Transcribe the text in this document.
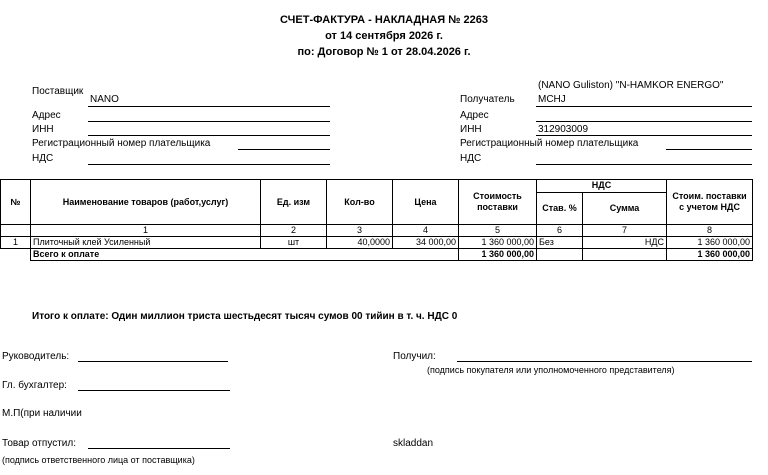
СЧЕТ-ФАКТУРА - НАКЛАДНАЯ № 2263
от 14 сентября 2026 г.
по: Договор № 1 от 28.04.2026 г.
Поставщик
NANO
Адрес
ИНН
Регистрационный номер плательщика
НДС
(NANO Guliston) "N-HAMKOR ENERGO"
Получатель MCHJ
Адрес
ИНН	312903009
Регистрационный номер плательщика
НДС
№	Наименование товаров (работ,услуг)	Ед. изм	Кол-во	Цена	Стоимость поставки	НДС		Стоим. поставки с учетом НДС
						Став. %	Сумма	
	1	2	3	4	5	6	7	8
1	Плиточный клей Усиленный	шт	40,0000	34 000,00	1 360 000,00	Без	НДС	1 360 000,00
	Всего к оплате				1 360 000,00			1 360 000,00
Итого к оплате: Один миллион триста шестьдесят тысяч сумов 00 тийин в т. ч. НДС 0
Руководитель:	Получил:
(подпись покупателя или уполномоченного представителя)
Гл. бухгалтер:
М.П(при наличии
Товар отпустил:
(подпись ответственного лица от поставщика)
skladdan
